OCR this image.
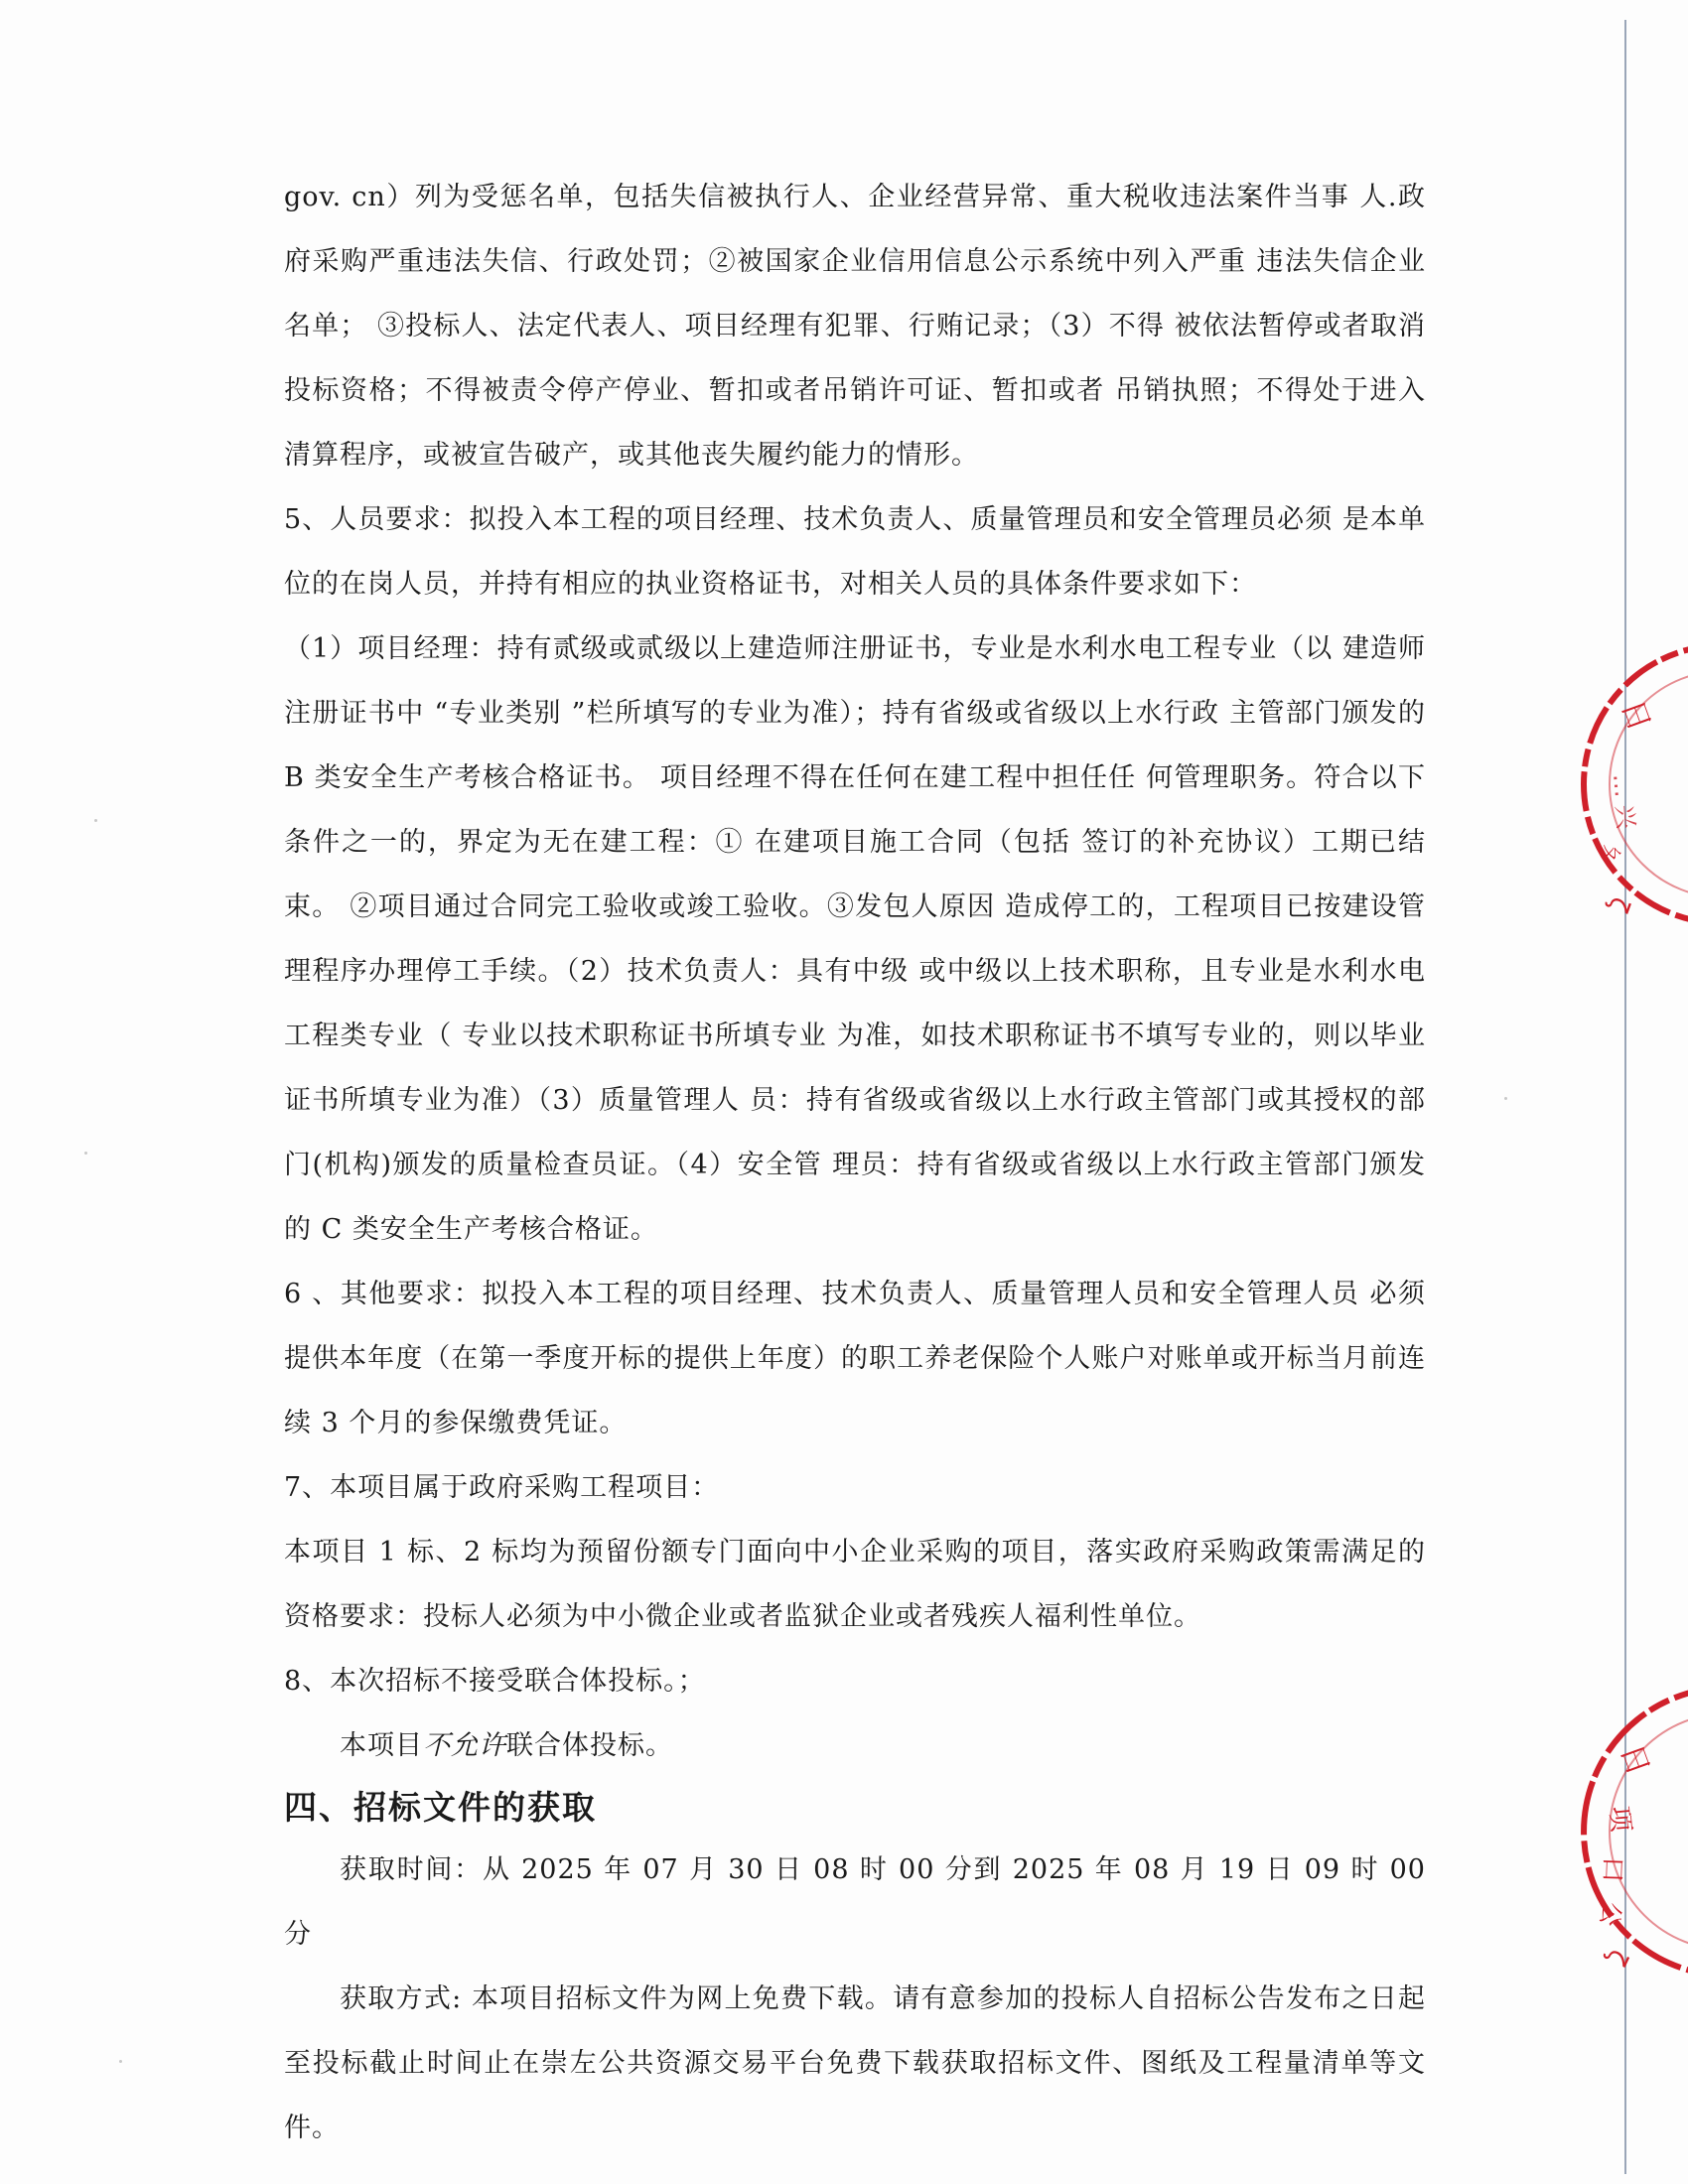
gov. cn）列为受惩名单，包括失信被执行人、企业经营异常、重大税收违法案件当事 人.政府采购严重违法失信、行政处罚；②被国家企业信用信息公示系统中列入严重 违法失信企业名单； ③投标人、法定代表人、项目经理有犯罪、行贿记录；（3）不得 被依法暂停或者取消投标资格；不得被责令停产停业、暂扣或者吊销许可证、暂扣或者 吊销执照；不得处于进入清算程序，或被宣告破产，或其他丧失履约能力的情形。

5、人员要求：拟投入本工程的项目经理、技术负责人、质量管理员和安全管理员必须 是本单位的在岗人员，并持有相应的执业资格证书，对相关人员的具体条件要求如下：

（1）项目经理：持有贰级或贰级以上建造师注册证书，专业是水利水电工程专业（以 建造师注册证书中 “专业类别 ”栏所填写的专业为准）；持有省级或省级以上水行政 主管部门颁发的 B 类安全生产考核合格证书。 项目经理不得在任何在建工程中担任任 何管理职务。符合以下条件之一的，界定为无在建工程：① 在建项目施工合同（包括 签订的补充协议）工期已结束。 ②项目通过合同完工验收或竣工验收。③发包人原因 造成停工的，工程项目已按建设管理程序办理停工手续。（2）技术负责人：具有中级 或中级以上技术职称，且专业是水利水电工程类专业（ 专业以技术职称证书所填专业 为准，如技术职称证书不填写专业的，则以毕业证书所填专业为准）（3）质量管理人 员：持有省级或省级以上水行政主管部门或其授权的部门(机构)颁发的质量检查员证。（4）安全管 理员：持有省级或省级以上水行政主管部门颁发的 C 类安全生产考核合格证。

6 、其他要求：拟投入本工程的项目经理、技术负责人、质量管理人员和安全管理人员 必须提供本年度（在第一季度开标的提供上年度）的职工养老保险个人账户对账单或开标当月前连 续 3 个月的参保缴费凭证。

7、本项目属于政府采购工程项目：

本项目 1 标、2 标均为预留份额专门面向中小企业采购的项目，落实政府采购政策需满足的资格要求：投标人必须为中小微企业或者监狱企业或者残疾人福利性单位。

8、本次招标不接受联合体投标。；

本项目不允许联合体投标。

四、招标文件的获取

获取时间：从 2025 年 07 月 30 日 08 时 00 分到 2025 年 08 月 19 日 09 时 00 分

获取方式: 本项目招标文件为网上免费下载。请有意参加的投标人自招标公告发布之日起至投标截止时间止在崇左公共资源交易平台免费下载获取招标文件、图纸及工程量清单等文件。

日
… 兴
ㄆ
ζ
日
项
口
公
ζ
